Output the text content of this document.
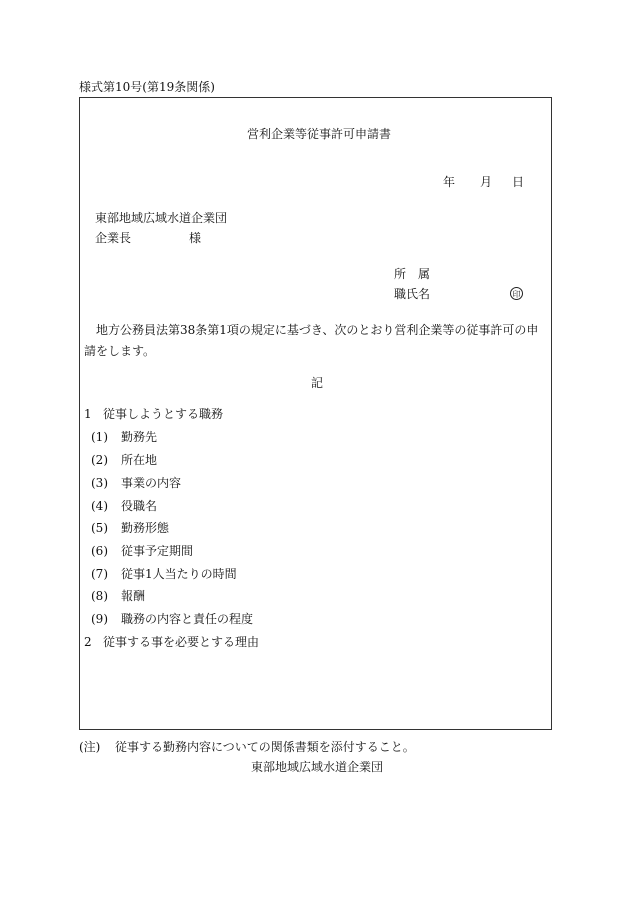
様式第10号(第19条関係)
営利企業等従事許可申請書
年 月 日
東部地域広域水道企業団
企業長	様
所　属
職氏名	印
地方公務員法第38条第1項の規定に基づき、次のとおり営利企業等の従事許可の申請をします。
記
1 従事しようとする職務
(1) 勤務先
(2) 所在地
(3) 事業の内容
(4) 役職名
(5) 勤務形態
(6) 従事予定期間
(7) 従事1人当たりの時間
(8) 報酬
(9) 職務の内容と責任の程度
2 従事する事を必要とする理由
(注) 従事する勤務内容についての関係書類を添付すること。
東部地域広域水道企業団
